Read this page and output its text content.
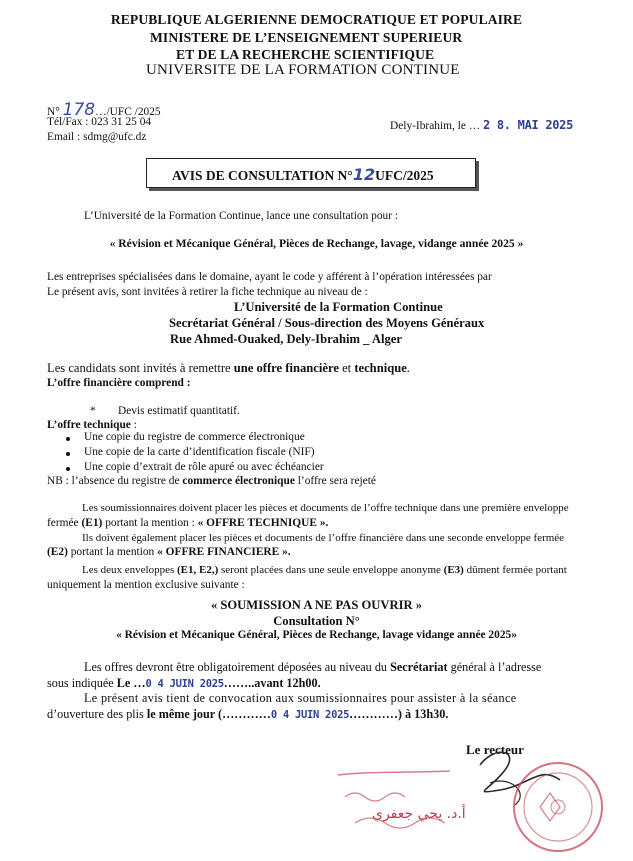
REPUBLIQUE ALGERIENNE DEMOCRATIQUE ET POPULAIRE
MINISTERE DE L’ENSEIGNEMENT SUPERIEUR
ET DE LA RECHERCHE SCIENTIFIQUE
UNIVERSITE DE LA FORMATION CONTINUE
N° 178…/UFC /2025
Tél/Fax : 023 31 25 04
Email : sdmg@ufc.dz
Dely-Ibrahim, le … 2 8. MAI 2025
AVIS DE CONSULTATION N°12UFC/2025
L’Université de la Formation Continue, lance une consultation pour :
« Révision et Mécanique Général, Pièces de Rechange, lavage, vidange année 2025 »
Les entreprises spécialisées dans le domaine, ayant le code y afférent à l’opération intéressées par
Le présent avis, sont invitées à retirer la fiche technique au niveau de :
L’Université de la Formation Continue
Secrétariat Général / Sous-direction des Moyens Généraux
Rue Ahmed-Ouaked, Dely-Ibrahim _ Alger
Les candidats sont invités à remettre une offre financière et technique.
L’offre financière comprend :
* Devis estimatif quantitatif.
L’offre technique :
Une copie du registre de commerce électronique
Une copie de la carte d’identification fiscale (NIF)
Une copie d’extrait de rôle apuré ou avec échéancier
NB : l’absence du registre de commerce électronique l’offre sera rejeté
Les soumissionnaires doivent placer les pièces et documents de l’offre technique dans une première enveloppe
fermée (E1) portant la mention : « OFFRE TECHNIQUE ».
Ils doivent également placer les pièces et documents de l’offre financière dans une seconde enveloppe fermée
(E2) portant la mention « OFFRE FINANCIERE ».
Les deux enveloppes (E1, E2,) seront placées dans une seule enveloppe anonyme (E3) dûment fermée portant
uniquement la mention exclusive suivante :
« SOUMISSION A NE PAS OUVRIR »
Consultation N°
« Révision et Mécanique Général, Pièces de Rechange, lavage vidange année 2025»
Les offres devront être obligatoirement déposées au niveau du Secrétariat général à l’adresse
sous indiquée Le …0 4 JUIN 2025……..avant 12h00.
Le présent avis tient de convocation aux soumissionnaires pour assister à la séance
d’ouverture des plis le même jour (…………0 4 JUIN 2025…………) à 13h30.
Le recteur
أ.د. يحي جعفري
